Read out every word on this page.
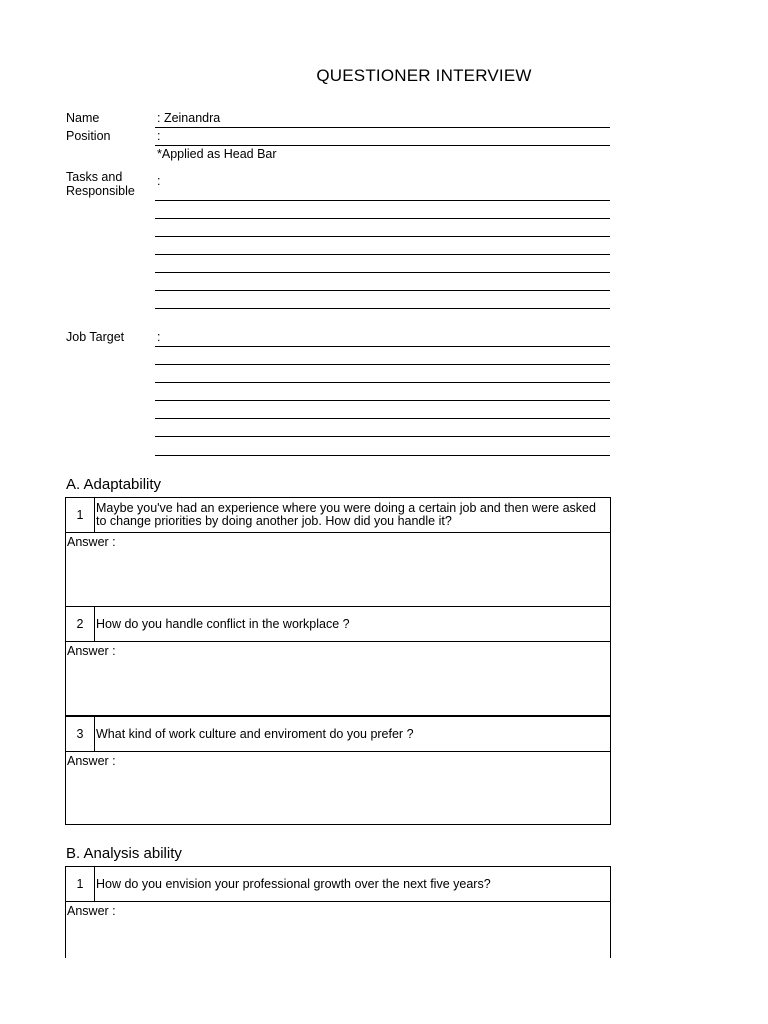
QUESTIONER INTERVIEW
Name	: Zeinandra
Position	:
*Applied as Head Bar
Tasks and Responsible
:
Job Target	:
A. Adaptability
1	Maybe you've had an experience where you were doing a certain job and then were asked to change priorities by doing another job. How did you handle it?
Answer :
2	How do you handle conflict in the workplace ?
Answer :
3	What kind of work culture and enviroment do you prefer ?
Answer :
B. Analysis ability
1	How do you envision your professional growth over the next five years?
Answer :
